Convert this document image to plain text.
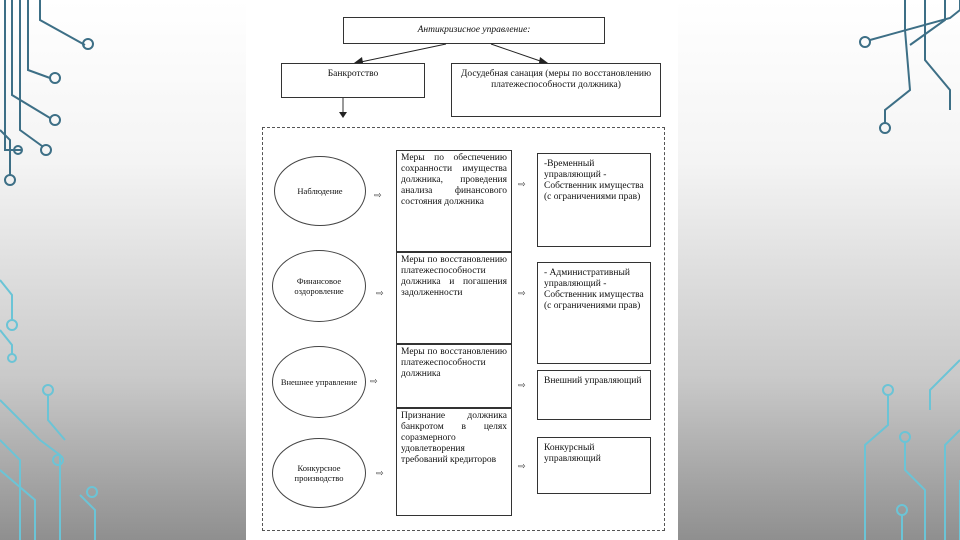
Антикризисное управление:
Банкротство	Досудебная санация (меры по восстановлению платежеспособности должника)
Наблюдение	⇨
Меры по обеспечению сохранности имущества должника, проведения анализа финансового состояния должника
⇨
-Временный управляющий - Собственник имущества (с ограничениями прав)
Финансовое оздоровление	⇨
Меры по восстановлению платежеспособности должника и погашения задолженности	⇨
- Административный управляющий - Собственник имущества (с ограничениями прав)
Внешнее управление	⇨
Меры по восстановлению платежеспособности должника
⇨	Внешний управляющий
Конкурсное производство	⇨
Признание должника банкротом в целях соразмерного удовлетворения требований кредиторов
⇨
Конкурсный управляющий
